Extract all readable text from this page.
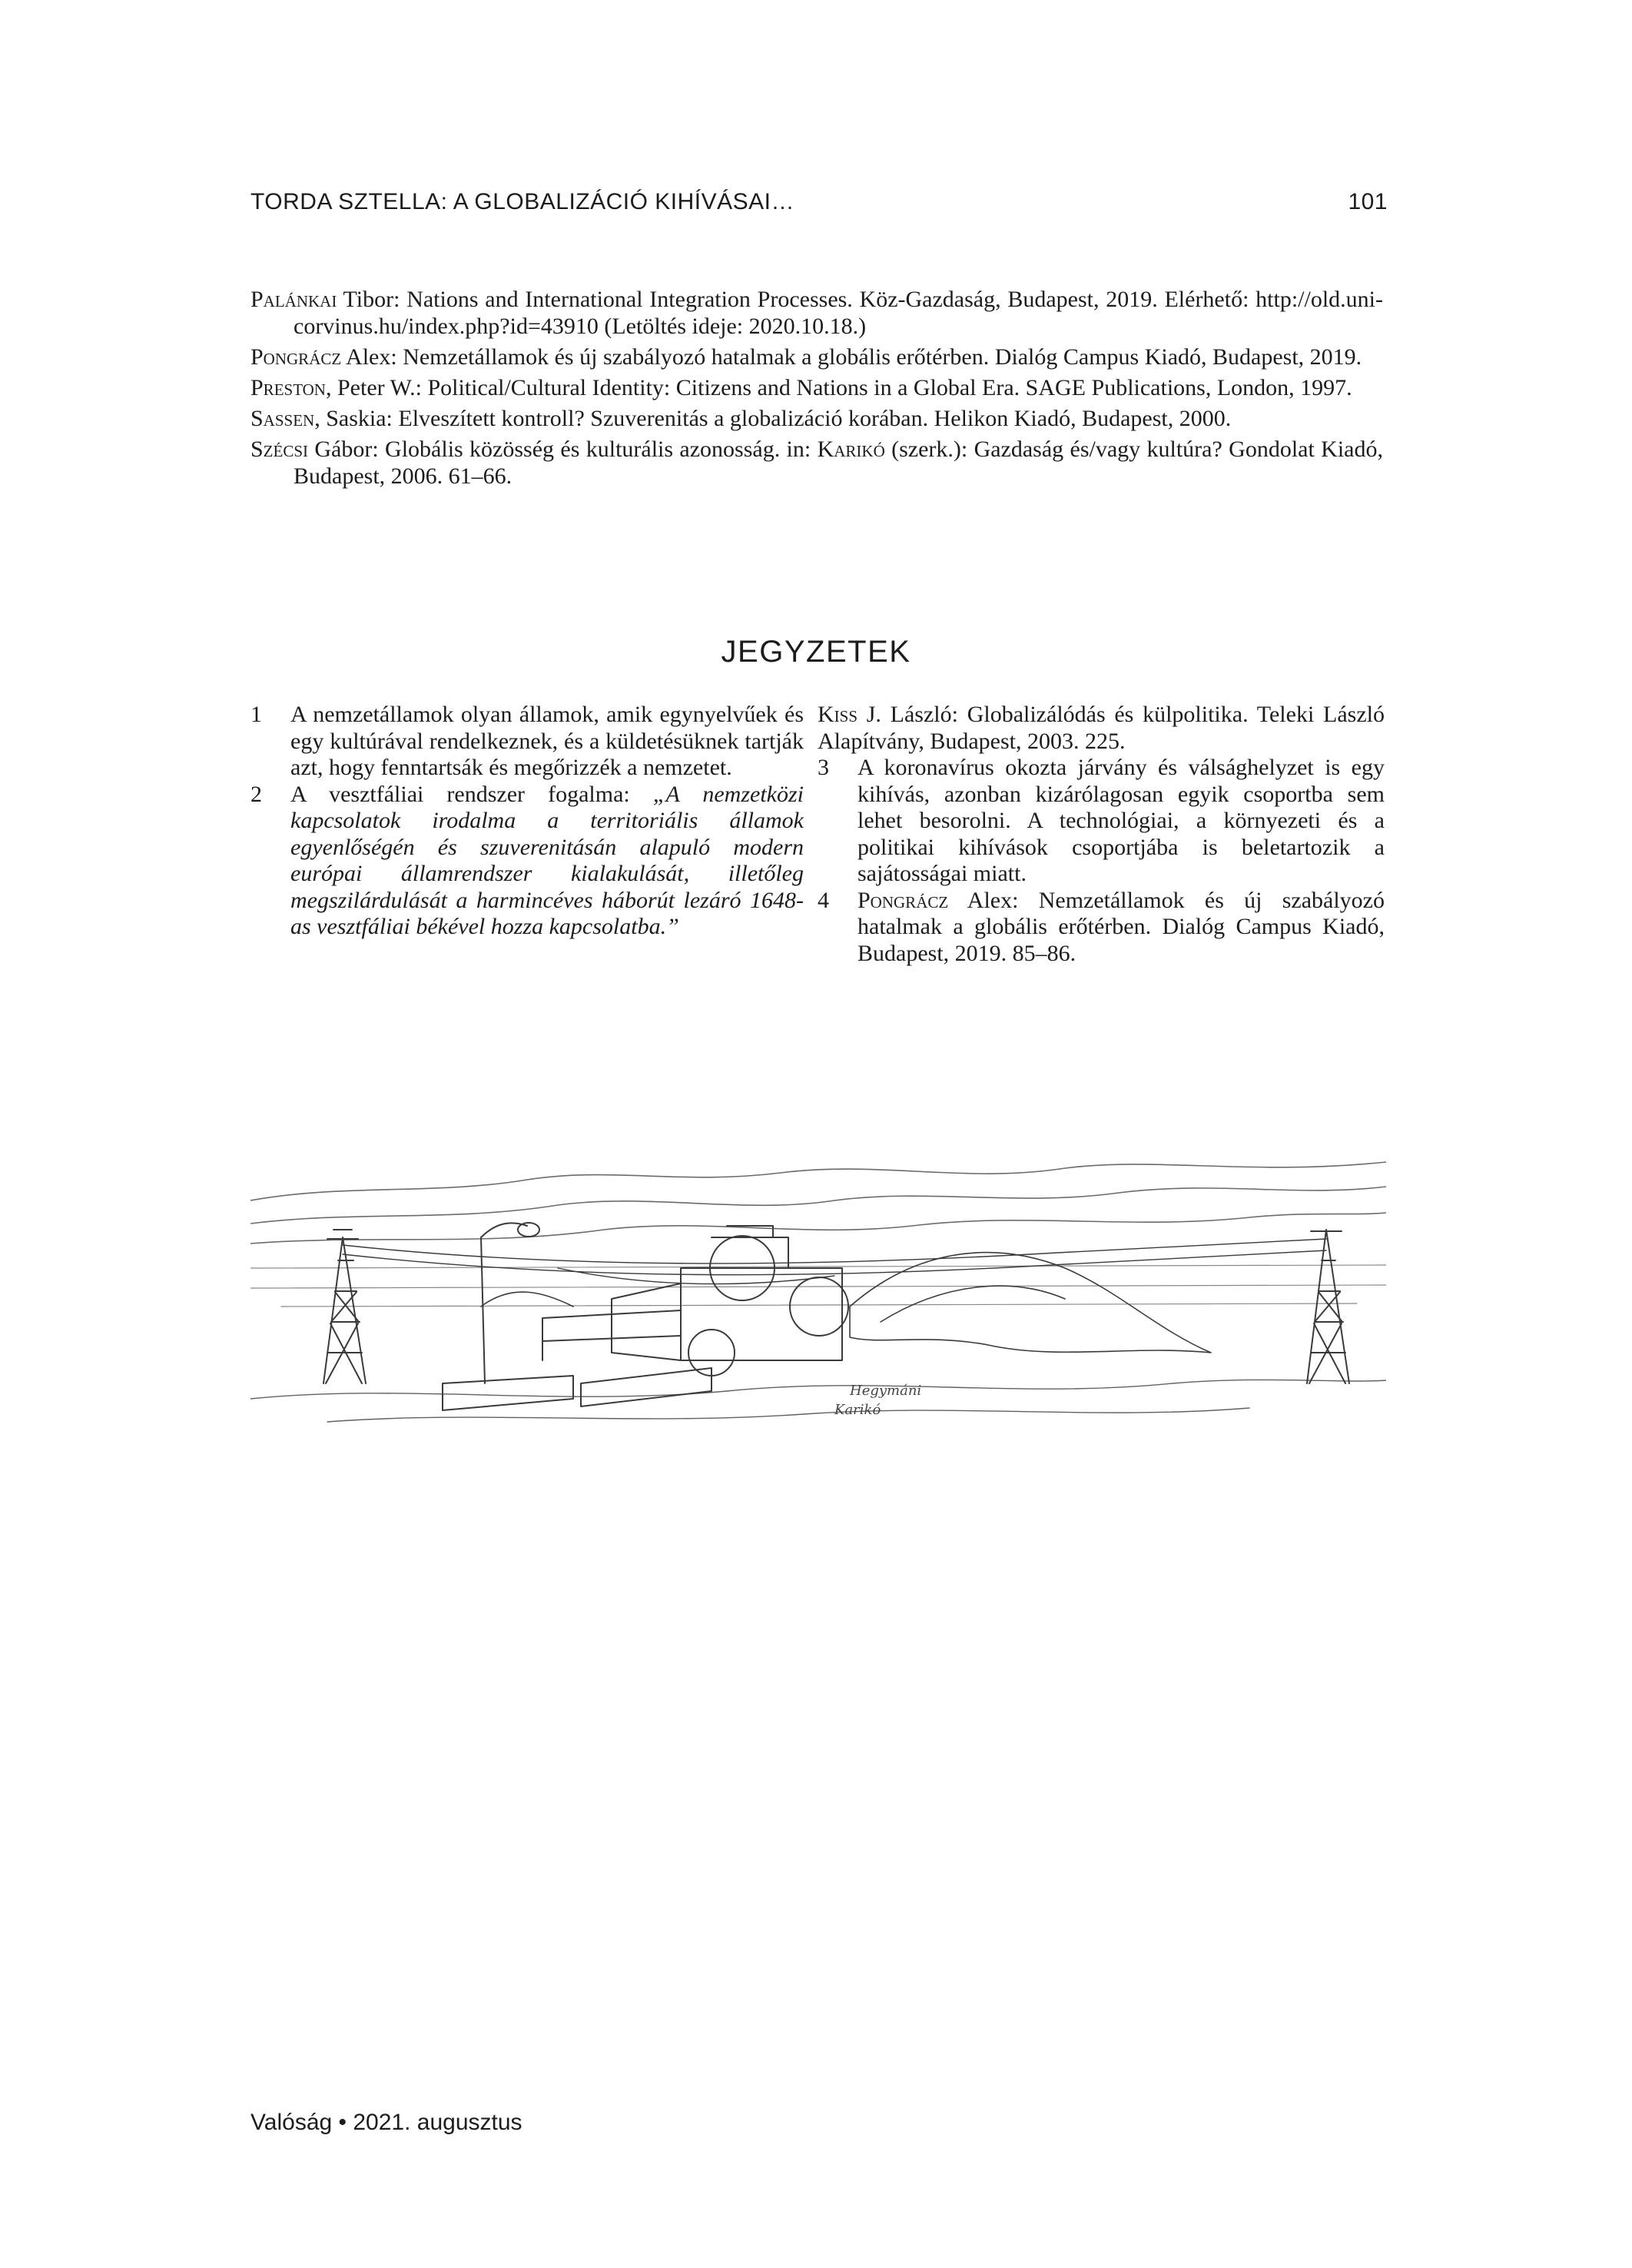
TORDA SZTELLA: A GLOBALIZÁCIÓ KIHÍVÁSAI…	101

Palánkai Tibor: Nations and International Integration Processes. Köz-Gazdaság, Budapest, 2019. Elérhető: http://old.uni-corvinus.hu/index.php?id=43910 (Letöltés ideje: 2020.10.18.)

Pongrácz Alex: Nemzetállamok és új szabályozó hatalmak a globális erőtérben. Dialóg Campus Kiadó, Budapest, 2019.

Preston, Peter W.: Political/Cultural Identity: Citizens and Nations in a Global Era. SAGE Publications, London, 1997.

Sassen, Saskia: Elveszített kontroll? Szuverenitás a globalizáció korában. Helikon Kiadó, Budapest, 2000.

Szécsi Gábor: Globális közösség és kulturális azonosság. in: Karikó (szerk.): Gazdaság és/vagy kultúra? Gondolat Kiadó, Budapest, 2006. 61–66.

JEGYZETEK
1	A nemzetállamok olyan államok, amik egynyelvűek és egy kultúrával rendelkeznek, és a küldetésüknek tartják azt, hogy fenntartsák és megőrizzék a nemzetet.
2	A vesztfáliai rendszer fogalma: „A nemzetközi kapcsolatok irodalma a territoriális államok egyenlőségén és szuverenitásán alapuló modern európai államrendszer kialakulását, illetőleg megszilárdulását a harmincéves háborút lezáró 1648-as vesztfáliai békével hozza kapcsolatba.”
Kiss J. László: Globalizálódás és külpolitika. Teleki László Alapítvány, Budapest, 2003. 225.
3	A koronavírus okozta járvány és válsághelyzet is egy kihívás, azonban kizárólagosan egyik csoportba sem lehet besorolni. A technológiai, a környezeti és a politikai kihívások csoportjába is beletartozik a sajátosságai miatt.
4	Pongrácz Alex: Nemzetállamok és új szabályozó hatalmak a globális erőtérben. Dialóg Campus Kiadó, Budapest, 2019. 85–86.
Hegymáni
Karikó
Valóság • 2021. augusztus
